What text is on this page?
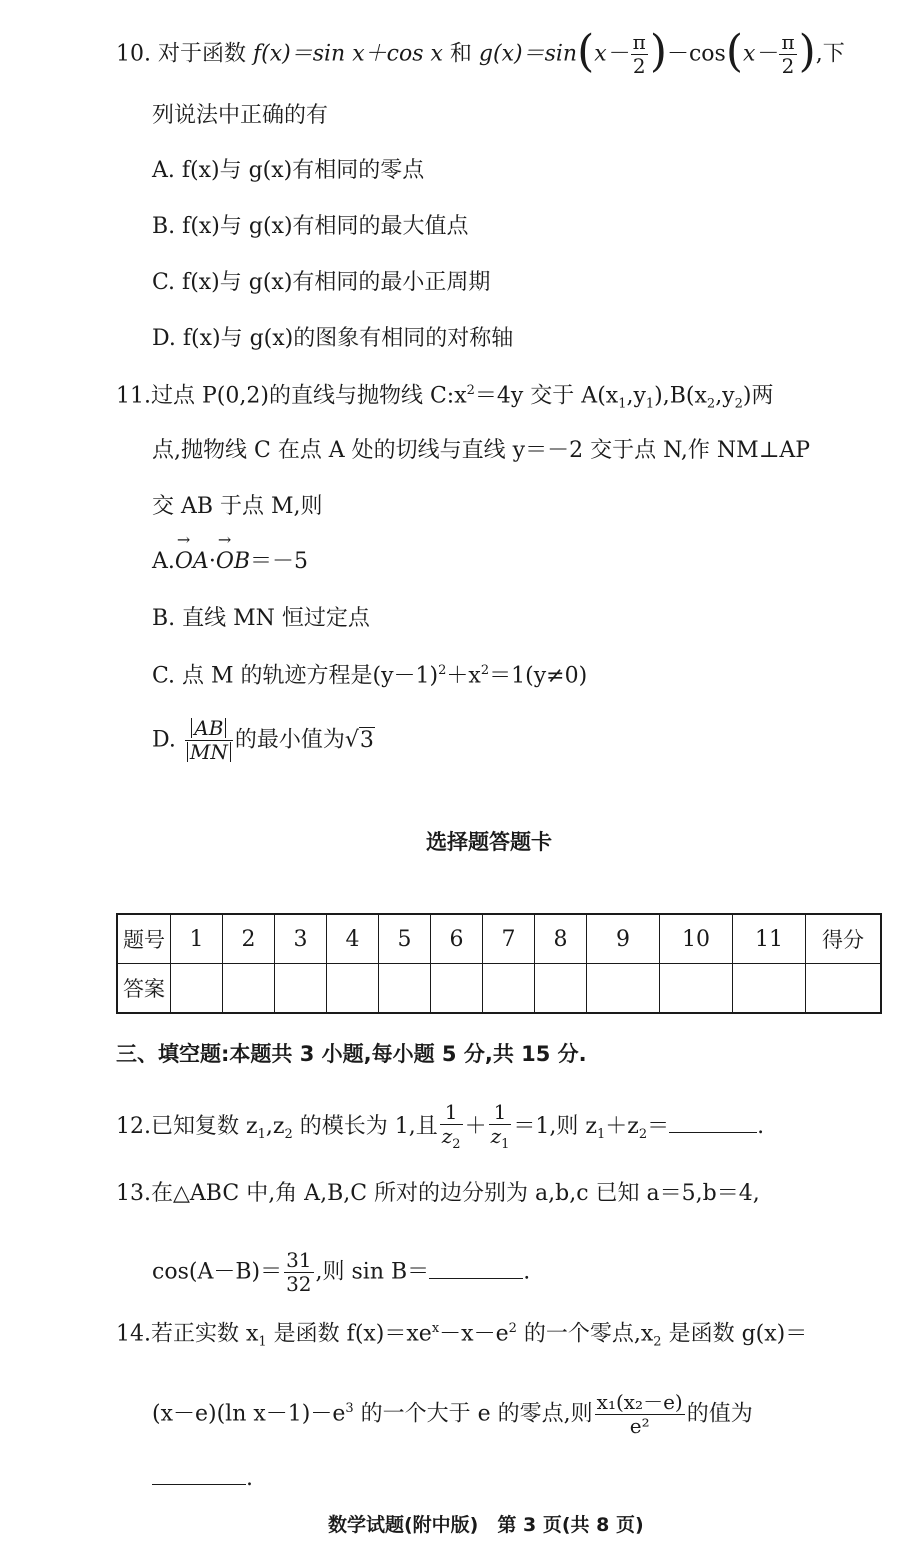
10. 对于函数 f(x)＝sin x＋cos x 和 $g(x)=\sin(x- \frac{\pi}{2} )-\cos(x- \frac{\pi}{2}$ ),下
列说法中正确的有
A. f(x)与 g(x)有相同的零点
B. f(x)与 g(x)有相同的最大值点
C. f(x)与 g(x)有相同的最小正周期
D. f(x)与 g(x)的图象有相同的对称轴
11.过点 P(0,2)的直线与抛物线 $C:x^2=4y$ 交于 $A(x_1,y_1),B(x_2,y_2)$两
点,抛物线 C 在点 A 处的切线与直线 y＝－2 交于点 N,作 NM⊥AP
交 AB 于点 M,则
A.→ OA·→ OB＝－5
B. 直线 MN 恒过定点
C. 点 M 的轨迹方程是$(y-1)^2+x^2=1(y\ne 0)$
D. $\frac{AB}{MN}$ 的最小值为√3
选择题答题卡
题号	1	2	3	4	5	6	7	8	9	10	11	得分
答案												
三、填空题:本题共 3 小题,每小题 5 分,共 15 分.
12.已知复数 $z_1,z_2$ 的模长为 1,且 $\frac{1}{z_2} + \frac{1}{z_1} =1$,则 $z_1+z_2=$	.
13.在△ABC 中,角 A,B,C 所对的边分别为 a,b,c 已知 a＝5,b＝4,
$\cos(A-B)= \frac{31}{32}$ ,则 sin B＝	.
14.若正实数 $x_1$ 是函数 $f(x)=xe^x-x-e^2$ 的一个零点$,x_2$ 是函数 g(x)＝
(x－e)(ln $x-1)-e^3$ 的一个大于 e 的零点,则 $\frac{\text{x₁(x₂－e)}}{\text{e²}}$ 的值为
.
数学试题(附中版)　第 3 页(共 8 页)
